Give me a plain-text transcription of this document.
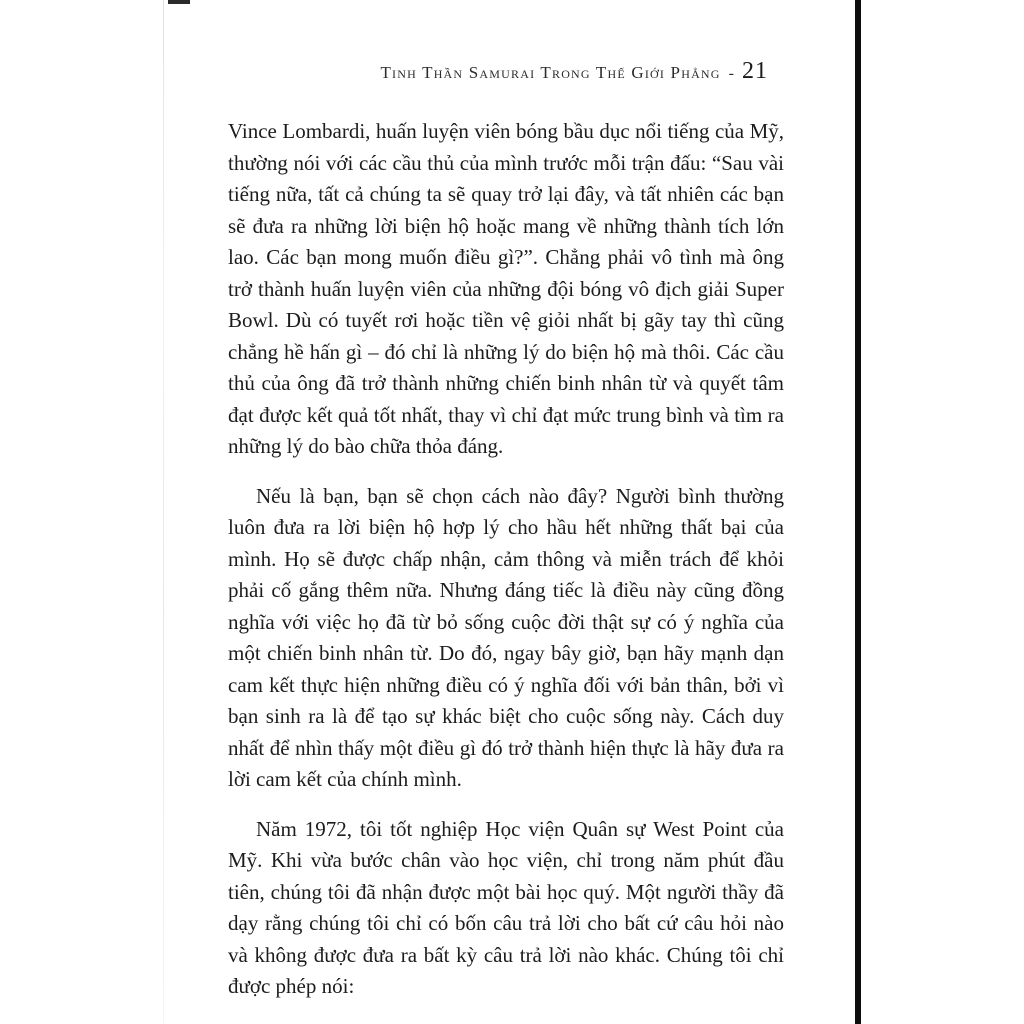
Tinh Thần Samurai Trong Thế Giới Phẳng - 21

Vince Lombardi, huấn luyện viên bóng bầu dục nổi tiếng của Mỹ, thường nói với các cầu thủ của mình trước mỗi trận đấu: “Sau vài tiếng nữa, tất cả chúng ta sẽ quay trở lại đây, và tất nhiên các bạn sẽ đưa ra những lời biện hộ hoặc mang về những thành tích lớn lao. Các bạn mong muốn điều gì?”. Chẳng phải vô tình mà ông trở thành huấn luyện viên của những đội bóng vô địch giải Super Bowl. Dù có tuyết rơi hoặc tiền vệ giỏi nhất bị gãy tay thì cũng chẳng hề hấn gì – đó chỉ là những lý do biện hộ mà thôi. Các cầu thủ của ông đã trở thành những chiến binh nhân từ và quyết tâm đạt được kết quả tốt nhất, thay vì chỉ đạt mức trung bình và tìm ra những lý do bào chữa thỏa đáng.

Nếu là bạn, bạn sẽ chọn cách nào đây? Người bình thường luôn đưa ra lời biện hộ hợp lý cho hầu hết những thất bại của mình. Họ sẽ được chấp nhận, cảm thông và miễn trách để khỏi phải cố gắng thêm nữa. Nhưng đáng tiếc là điều này cũng đồng nghĩa với việc họ đã từ bỏ sống cuộc đời thật sự có ý nghĩa của một chiến binh nhân từ. Do đó, ngay bây giờ, bạn hãy mạnh dạn cam kết thực hiện những điều có ý nghĩa đối với bản thân, bởi vì bạn sinh ra là để tạo sự khác biệt cho cuộc sống này. Cách duy nhất để nhìn thấy một điều gì đó trở thành hiện thực là hãy đưa ra lời cam kết của chính mình.

Năm 1972, tôi tốt nghiệp Học viện Quân sự West Point của Mỹ. Khi vừa bước chân vào học viện, chỉ trong năm phút đầu tiên, chúng tôi đã nhận được một bài học quý. Một người thầy đã dạy rằng chúng tôi chỉ có bốn câu trả lời cho bất cứ câu hỏi nào và không được đưa ra bất kỳ câu trả lời nào khác. Chúng tôi chỉ được phép nói:
